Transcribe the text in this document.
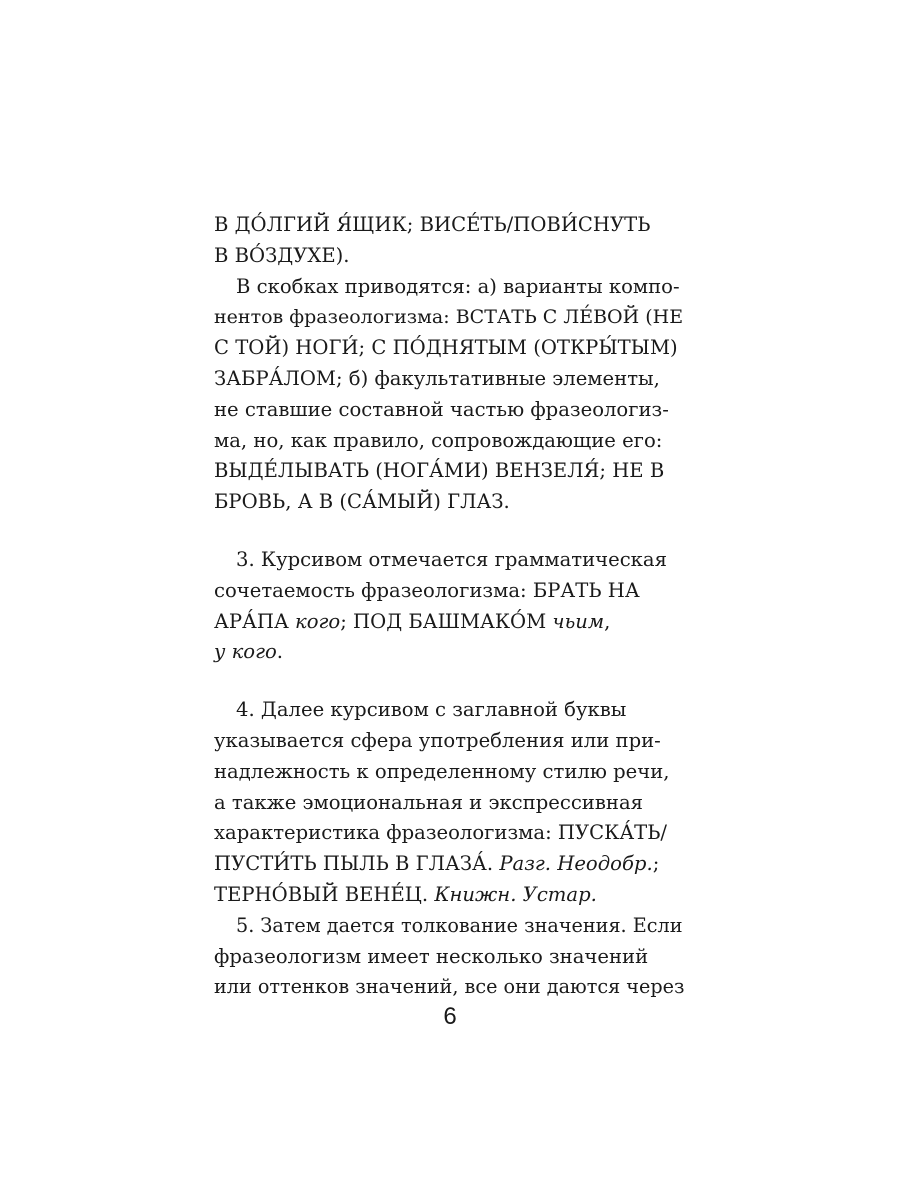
В ДО́ЛГИЙ Я́ЩИК; ВИСЕ́ТЬ/ПОВИ́СНУТЬ
В ВО́ЗДУХЕ).
В скобках приводятся: а) варианты компо-
нентов фразеологизма: ВСТАТЬ С ЛЕ́ВОЙ (НЕ
С ТОЙ) НОГИ́; С ПО́ДНЯТЫМ (ОТКРЫ́ТЫМ)
ЗАБРА́ЛОМ; б) факультативные элементы,
не ставшие составной частью фразеологиз-
ма, но, как правило, сопровождающие его:
ВЫДЕ́ЛЫВАТЬ (НОГА́МИ) ВЕНЗЕЛЯ́; НЕ В
БРОВЬ, А В (СА́МЫЙ) ГЛАЗ.
3. Курсивом отмечается грамматическая
сочетаемость фразеологизма: БРАТЬ НА
АРА́ПА кого; ПОД БАШМАКО́М чьим,
у кого.
4. Далее курсивом с заглавной буквы
указывается сфера употребления или при-
надлежность к определенному стилю речи,
а также эмоциональная и экспрессивная
характеристика фразеологизма: ПУСКА́ТЬ/
ПУСТИ́ТЬ ПЫЛЬ В ГЛАЗА́. Разг. Неодобр.;
ТЕРНО́ВЫЙ ВЕНЕ́Ц. Книжн. Устар.
5. Затем дается толкование значения. Если
фразеологизм имеет несколько значений
или оттенков значений, все они даются через
6
